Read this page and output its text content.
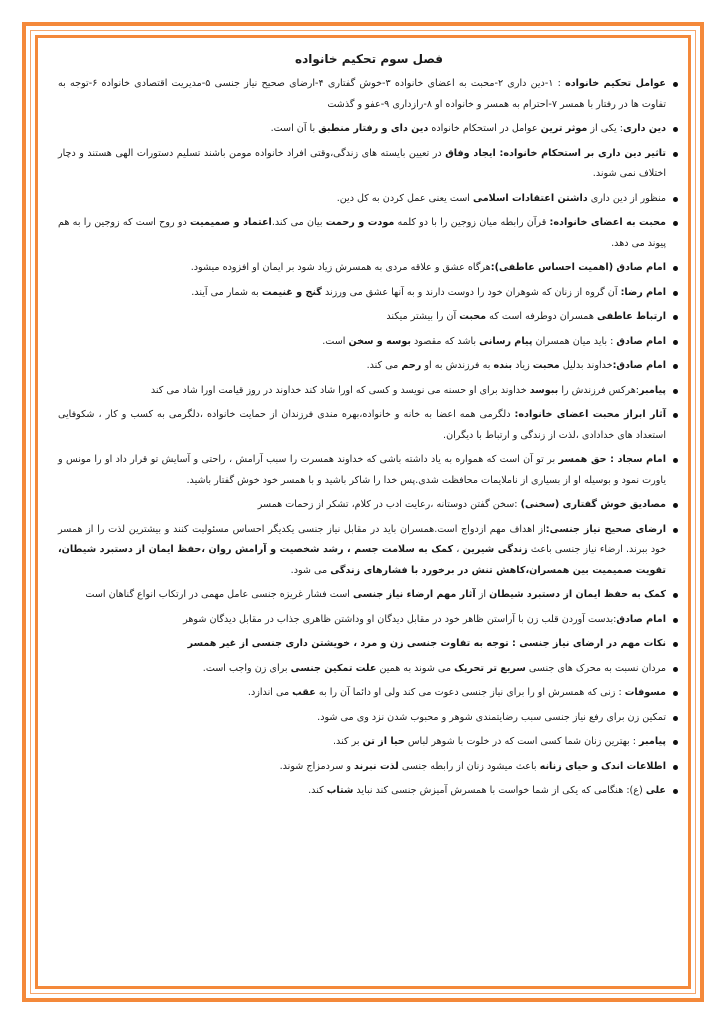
فصل سوم تحکیم خانواده
عوامل تحکیم خانواده : ۱-دین داری ۲-محبت به اعضای خانواده ۳-خوش گفتاری ۴-ارضای صحیح نیاز جنسی ۵-مدیریت اقتصادی خانواده ۶-توجه به تفاوت ها در رفتار با همسر ۷-احترام به همسر و خانواده او ۸-رازداری ۹-عفو و گذشت
دین داری: یکی از موثر ترین عوامل در استحکام خانواده دین دای و رفتار منطبق با آن است.
تاثیر دین داری بر استحکام خانواده: ایجاد وفاق در تعیین بایسته های زندگی،وقتی افراد خانواده مومن باشند تسلیم دستورات الهی هستند و دچار اختلاف نمی شوند.
منظور از دین داری داشتن اعتقادات اسلامی است یعنی عمل کردن به کل دین.
محبت به اعضای خانواده: قرآن رابطه میان زوجین را با دو کلمه مودت و رحمت بیان می کند.اعتماد و صمیمیت دو روح است که زوجین را به هم پیوند می دهد.
امام صادق (اهمیت احساس عاطفی):هرگاه عشق و علاقه مردی به همسرش زیاد شود بر ایمان او افزوده میشود.
امام رضا: آن گروه از زنان که شوهران خود را دوست دارند و به آنها عشق می ورزند گنج و غنیمت به شمار می آیند.
ارتباط عاطفی همسران دوطرفه است که محبت آن را بیشتر میکند
امام صادق : باید میان همسران پیام رسانی باشد که مقصود بوسه و سخن است.
امام صادق:خداوند بدلیل محبت زیاد بنده به فرزندش به او رحم می کند.
پیامبر:هرکس فرزندش را ببوسد خداوند برای او حسنه می نویسد و کسی که اورا شاد کند خداوند در روز قیامت اورا شاد می کند
آثار ابراز محبت اعضای خانواده: دلگرمی همه اعضا به خانه و خانواده،بهره مندی فرزندان از حمایت خانواده ،دلگرمی به کسب و کار ، شکوفایی استعداد های خدادادی ،لذت از زندگی و ارتباط با دیگران.
امام سجاد : حق همسر بر تو آن است که همواره به یاد داشته باشی که خداوند همسرت را سبب آرامش ، راحتی و آسایش تو قرار داد او را مونس و یاورت نمود و بوسیله او از بسیاری از ناملایمات محافظت شدی.پس خدا را شاکر باشید و با همسر خود خوش گفتار باشید.
مصادیق خوش گفتاری (سخنی) :سخن گفتن دوستانه ،رعایت ادب در کلام، تشکر از زحمات همسر
ارضای صحیح نیاز جنسی:از اهداف مهم ازدواج است.همسران باید در مقابل نیاز جنسی یکدیگر احساس مسئولیت کنند و بیشترین لذت را از همسر خود ببرند. ارضاء نیاز جنسی باعث زندگی شیرین ، کمک به سلامت جسم ، رشد شخصیت و آرامش روان ،حفظ ایمان از دستبرد شیطان، تقویت صمیمیت بین همسران،کاهش تنش در برخورد با فشارهای زندگی می شود.
کمک به حفظ ایمان از دستبرد شیطان از آثار مهم ارضاء نیاز جنسی است فشار غریزه جنسی عامل مهمی در ارتکاب انواع گناهان است
امام صادق:بدست آوردن قلب زن با آراستن ظاهر خود در مقابل دیدگان او وداشتن ظاهری جذاب در مقابل دیدگان شوهر
نکات مهم در ارضای نیاز جنسی : توجه به تفاوت جنسی زن و مرد ، خویشتن داری جنسی از غیر همسر
مردان نسبت به محرک های جنسی سریع تر تحریک می شوند به همین علت تمکین جنسی برای زن واجب است.
مسوفات : زنی که همسرش او را برای نیاز جنسی دعوت می کند ولی او دائما آن را به عقب می اندازد.
تمکین زن برای رفع نیاز جنسی سبب رضایتمندی شوهر و محبوب شدن نزد وی می شود.
پیامبر : بهترین زنان شما کسی است که در خلوت با شوهر لباس حیا از تن بر کند.
اطلاعات اندک و حیای زنانه باعث میشود زنان از رابطه جنسی لذت نبرند و سردمزاج شوند.
علی (ع): هنگامی که یکی از شما خواست با همسرش آمیزش جنسی کند نباید شتاب کند.
